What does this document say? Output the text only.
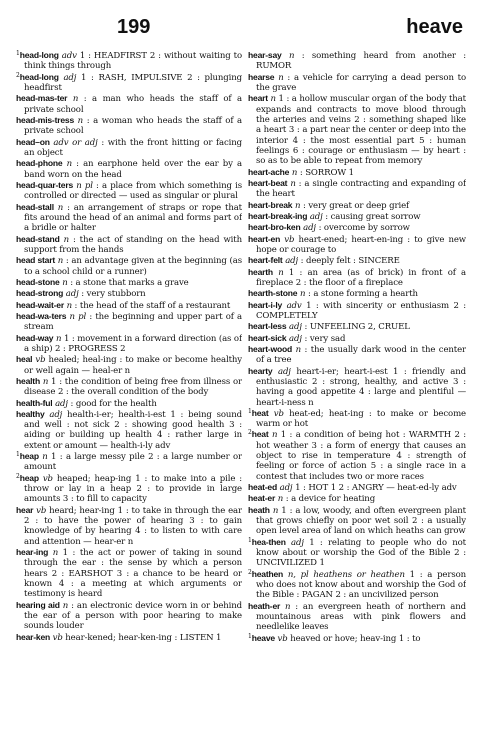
199	heave

$^1$head-long adv 1 : HEADFIRST 2 : without waiting to think things through

$^2$head-long adj 1 : RASH, IMPULSIVE 2 : plunging headfirst

head-mas-ter n : a man who heads the staff of a private school

head-mis-tress n : a woman who heads the staff of a private school

head–on adv or adj : with the front hitting or facing an object

head-phone n : an earphone held over the ear by a band worn on the head

head-quar-ters n pl : a place from which something is controlled or directed — used as singular or plural

head-stall n : an arrangement of straps or rope that fits around the head of an animal and forms part of a bridle or halter

head-stand n : the act of standing on the head with support from the hands

head start n : an advantage given at the beginning (as to a school child or a runner)

head-stone n : a stone that marks a grave

head-strong adj : very stubborn

head-wait-er n : the head of the staff of a restaurant

head-wa-ters n pl : the beginning and upper part of a stream

head-way n 1 : movement in a forward direction (as of a ship) 2 : PROGRESS 2

heal vb healed; heal-ing : to make or become healthy or well again — heal-er n

health n 1 : the condition of being free from illness or disease 2 : the overall condition of the body

health-ful adj : good for the health

healthy adj health-i-er; health-i-est 1 : being sound and well : not sick 2 : showing good health 3 : aiding or building up health 4 : rather large in extent or amount — health-i-ly adv

$^1$heap n 1 : a large messy pile 2 : a large number or amount

$^2$heap vb heaped; heap-ing 1 : to make into a pile : throw or lay in a heap 2 : to provide in large amounts 3 : to fill to capacity

hear vb heard; hear-ing 1 : to take in through the ear 2 : to have the power of hearing 3 : to gain knowledge of by hearing 4 : to listen to with care and attention — hear-er n

hear-ing n 1 : the act or power of taking in sound through the ear : the sense by which a person hears 2 : EARSHOT 3 : a chance to be heard or known 4 : a meeting at which arguments or testimony is heard

hearing aid n : an electronic device worn in or behind the ear of a person with poor hearing to make sounds louder

hear-ken vb hear-kened; hear-ken-ing : LISTEN 1

hear-say n : something heard from another : RUMOR

hearse n : a vehicle for carrying a dead person to the grave

heart n 1 : a hollow muscular organ of the body that expands and contracts to move blood through the arteries and veins 2 : something shaped like a heart 3 : a part near the center or deep into the interior 4 : the most essential part 5 : human feelings 6 : courage or enthusiasm — by heart : so as to be able to repeat from memory

heart-ache n : SORROW 1

heart-beat n : a single contracting and expanding of the heart

heart-break n : very great or deep grief

heart-break-ing adj : causing great sorrow

heart-bro-ken adj : overcome by sorrow

heart-en vb heart-ened; heart-en-ing : to give new hope or courage to

heart-felt adj : deeply felt : SINCERE

hearth n 1 : an area (as of brick) in front of a fireplace 2 : the floor of a fireplace

hearth-stone n : a stone forming a hearth

heart-i-ly adv 1 : with sincerity or enthusiasm 2 : COMPLETELY

heart-less adj : UNFEELING 2, CRUEL

heart-sick adj : very sad

heart-wood n : the usually dark wood in the center of a tree

hearty adj heart-i-er; heart-i-est 1 : friendly and enthusiastic 2 : strong, healthy, and active 3 : having a good appetite 4 : large and plentiful — heart-i-ness n

$^1$heat vb heat-ed; heat-ing : to make or become warm or hot

$^2$heat n 1 : a condition of being hot : WARMTH 2 : hot weather 3 : a form of energy that causes an object to rise in temperature 4 : strength of feeling or force of action 5 : a single race in a contest that includes two or more races

heat-ed adj 1 : HOT 1 2 : ANGRY — heat-ed-ly adv

heat-er n : a device for heating

heath n 1 : a low, woody, and often evergreen plant that grows chiefly on poor wet soil 2 : a usually open level area of land on which heaths can grow

$^1$hea-then adj 1 : relating to people who do not know about or worship the God of the Bible 2 : UNCIVILIZED 1

$^2$heathen n, pl heathens or heathen 1 : a person who does not know about and worship the God of the Bible : PAGAN 2 : an uncivilized person

heath-er n : an evergreen heath of northern and mountainous areas with pink flowers and needlelike leaves

$^1$heave vb heaved or hove; heav-ing 1 : to
